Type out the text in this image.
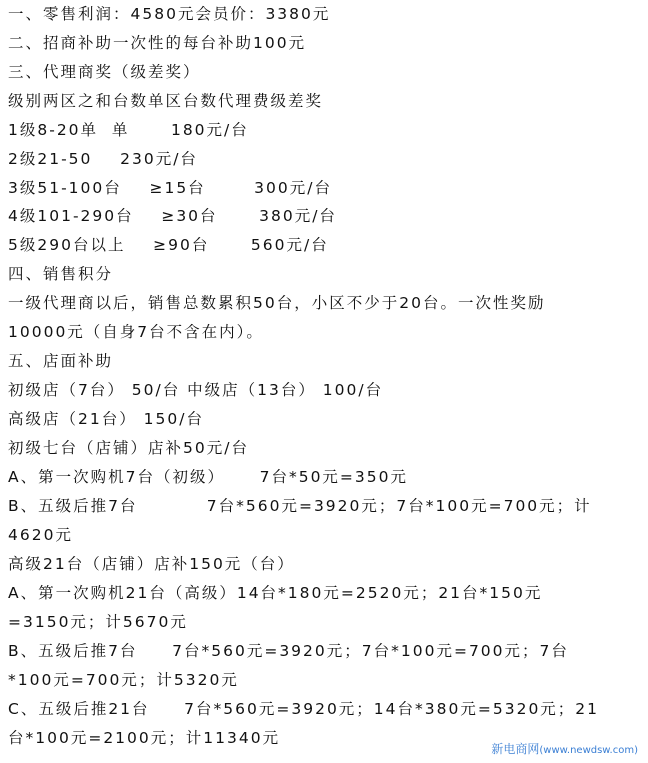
一、零售利润：4580元会员价：3380元
二、招商补助一次性的每台补助100元
三、代理商奖（级差奖）
级别两区之和台数单区台数代理费级差奖
1级8-20单  单      180元/台
2级21-50    230元/台
3级51-100台    ≥15台       300元/台
4级101-290台    ≥30台      380元/台
5级290台以上    ≥90台      560元/台
四、销售积分
一级代理商以后，销售总数累积50台，小区不少于20台。一次性奖励
10000元（自身7台不含在内）。
五、店面补助
初级店（7台） 50/台 中级店（13台） 100/台
高级店（21台） 150/台
初级七台（店铺）店补50元/台
A、第一次购机7台（初级）     7台*50元=350元
B、五级后推7台          7台*560元=3920元；7台*100元=700元；计
4620元
高级21台（店铺）店补150元（台）
A、第一次购机21台（高级）14台*180元=2520元；21台*150元
=3150元；计5670元
B、五级后推7台     7台*560元=3920元；7台*100元=700元；7台
*100元=700元；计5320元
C、五级后推21台     7台*560元=3920元；14台*380元=5320元；21
台*100元=2100元；计11340元
新电商网(www.newdsw.com)
